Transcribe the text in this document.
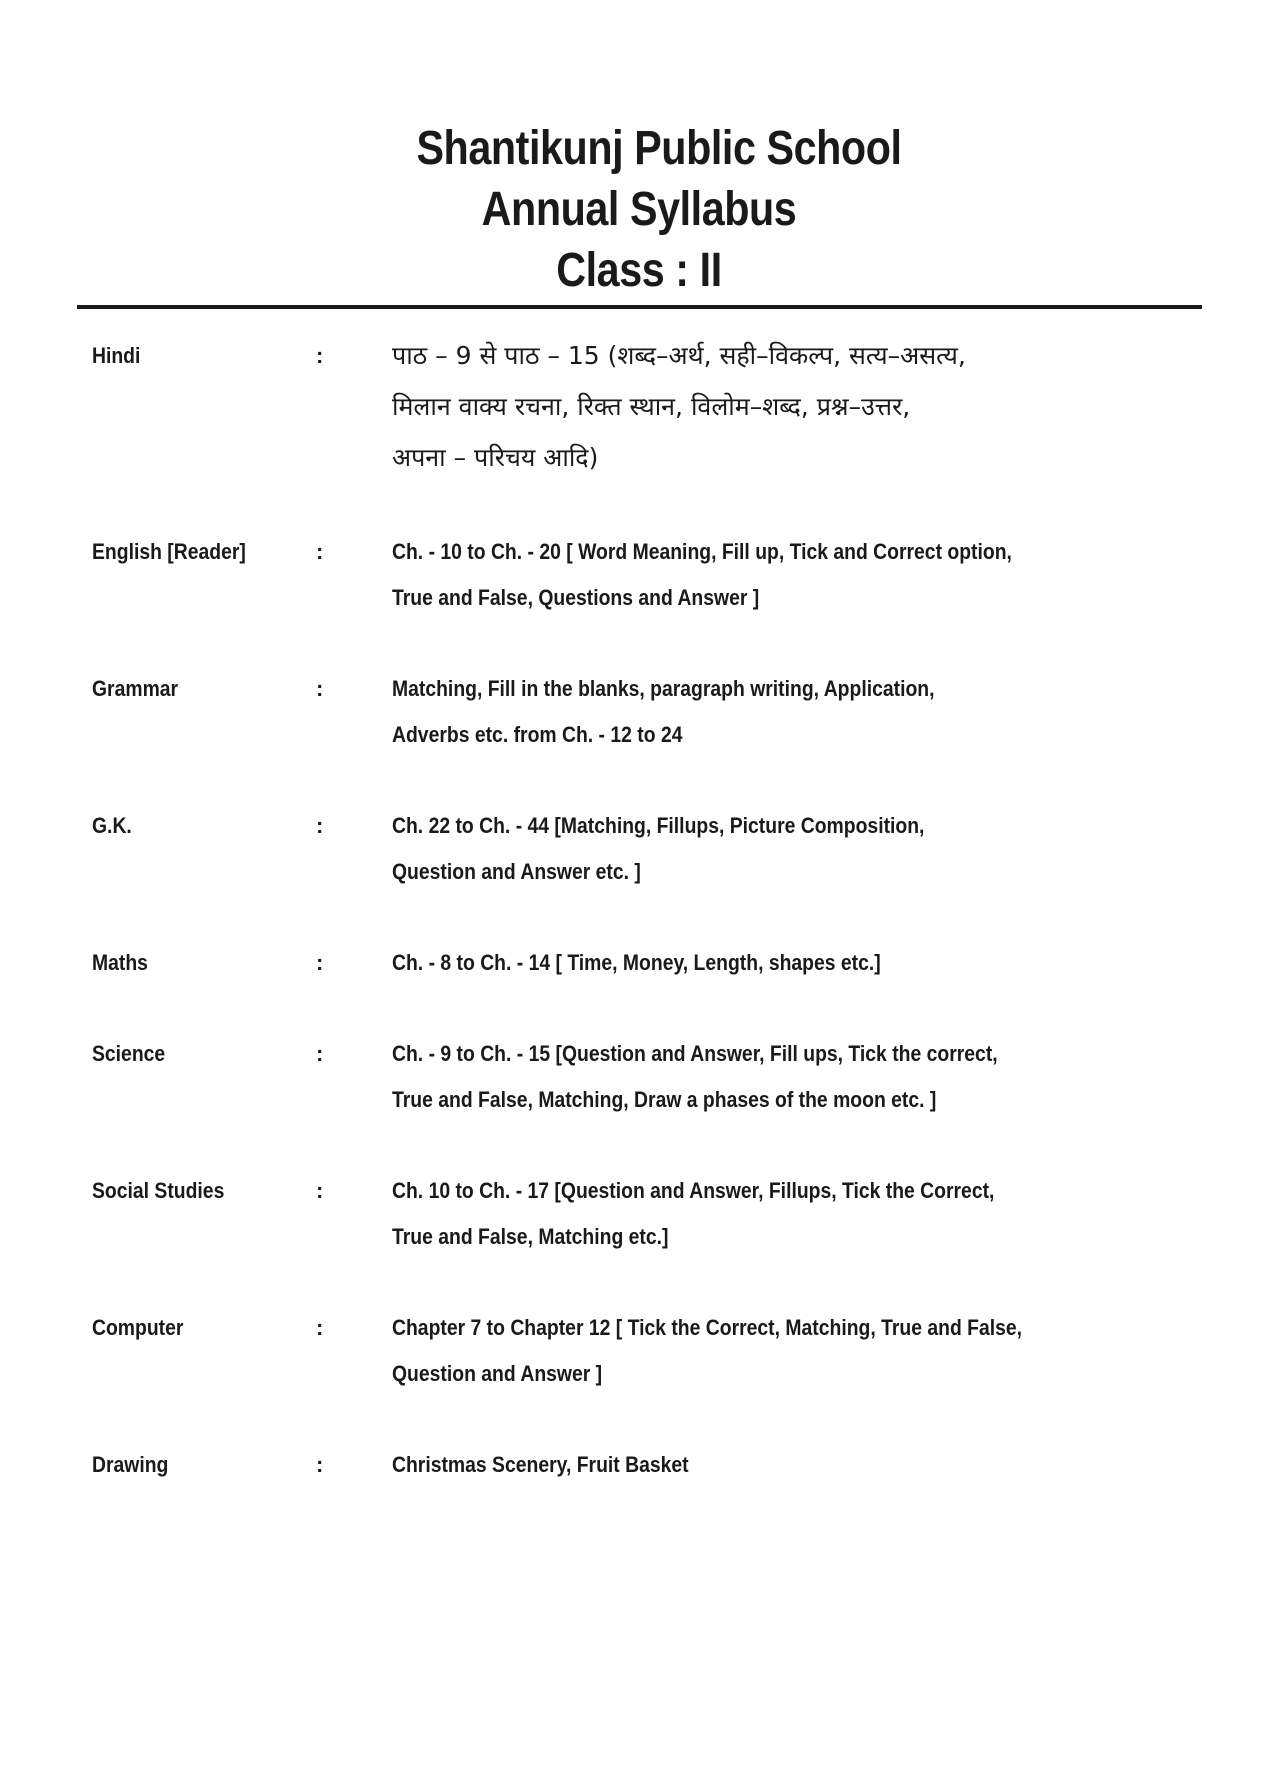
Shantikunj Public School
Annual Syllabus
Class : II
Hindi	:	पाठ – 9 से पाठ – 15 (शब्द–अर्थ, सही–विकल्प, सत्य–असत्य,
मिलान वाक्य रचना, रिक्त स्थान, विलोम–शब्द, प्रश्न–उत्तर,
अपना – परिचय आदि)
English [Reader]	:	Ch. - 10 to Ch. - 20 [ Word Meaning, Fill up, Tick and Correct option,
True and False, Questions and Answer ]
Grammar	:	Matching, Fill in the blanks, paragraph writing, Application,
Adverbs etc. from Ch. - 12 to 24
G.K.	:	Ch. 22 to Ch. - 44 [Matching, Fillups, Picture Composition,
Question and Answer etc. ]
Maths	:	Ch. - 8 to Ch. - 14 [ Time, Money, Length, shapes etc.]
Science	:	Ch. - 9 to Ch. - 15 [Question and Answer, Fill ups, Tick the correct,
True and False, Matching, Draw a phases of the moon etc. ]
Social Studies	:	Ch. 10 to Ch. - 17 [Question and Answer, Fillups, Tick the Correct,
True and False, Matching etc.]
Computer	:	Chapter 7 to Chapter 12 [ Tick the Correct, Matching, True and False,
Question and Answer ]
Drawing	:	Christmas Scenery, Fruit Basket
